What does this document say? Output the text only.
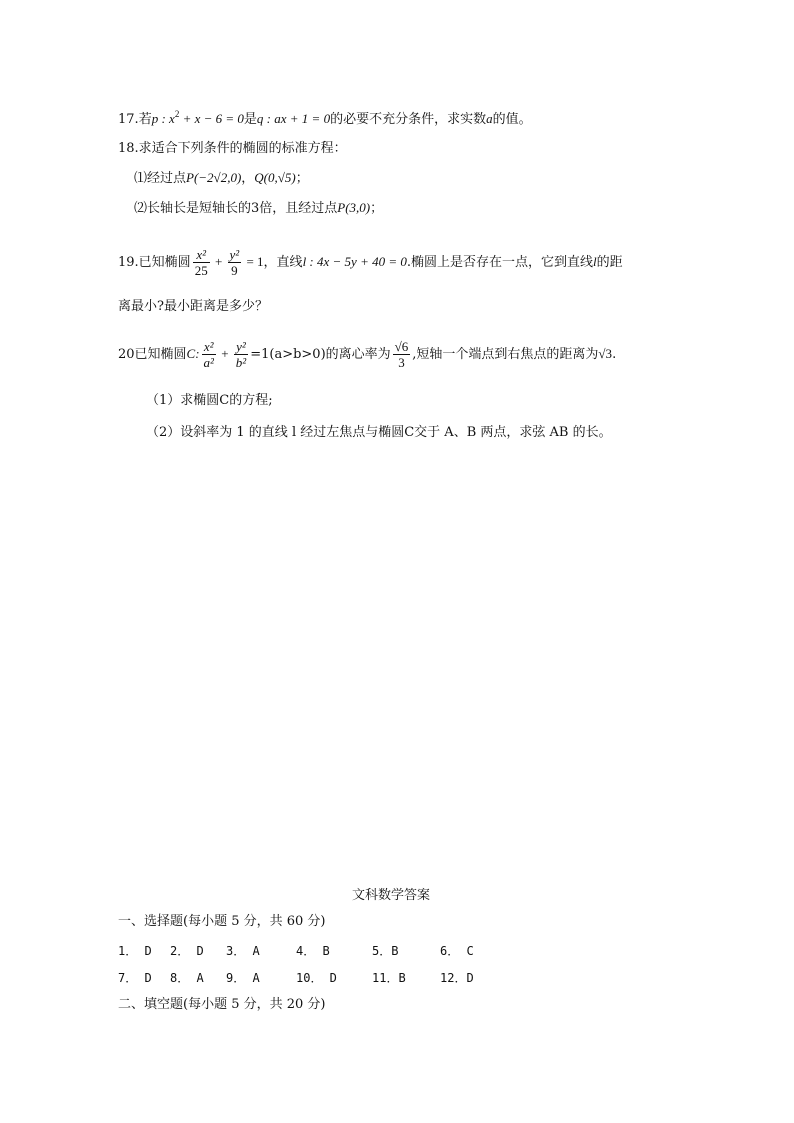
17.若p : $x^2 + x - 6 = 0$是q : ax + 1 = 0的必要不充分条件，求实数a的值。
18.求适合下列条件的椭圆的标准方程：
⑴经过点P(−2√2,0)，Q(0,√5)；
⑵长轴长是短轴长的3倍，且经过点P(3,0)；
19.已知椭圆 $\frac{\text{x²}}{25} + \frac{\text{y²}}{9} = 1$，直线l : 4x − 5y + 40 = 0.椭圆上是否存在一点，它到直线l的距
离最小?最小距离是多少？
20已知椭圆C: $\frac{\text{x²}}{\text{a²}} + \frac{\text{y²}}{\text{b²}} =1(a>b>0)$的离心率为 $\frac{√6}{3}$ ,短轴一个端点到右焦点的距离为√3.
（1）求椭圆C的方程;
（2）设斜率为 1 的直线 l 经过左焦点与椭圆C交于 A、B 两点，求弦 AB 的长。
文科数学答案
一、选择题(每小题 5 分，共 60 分)
1． D 2． D 3． A	4． B	5．B	6． C
7． D 8． A 9． A	10． D	11．B	12．D
二、填空题(每小题 5 分，共 20 分)
